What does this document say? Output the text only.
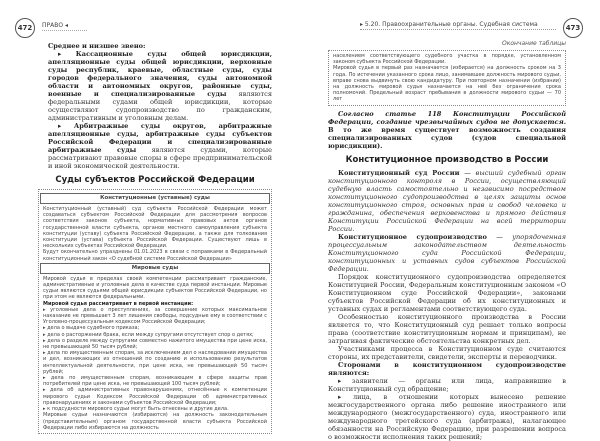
472	ПРАВО ◂
Среднее и низшее звено:

▸ Кассационные суды общей юрисдикции, апелляционные суды общей юрисдикции, верховные суды республик, краевые, областные суды, суды городов федерального значения, суды автономной области и автономных округов, районные суды, военные и специализированные суды являются федеральными судами общей юрисдикции, которые осуществляют судопроизводство по гражданским, административным и уголовным делам.

▸ Арбитражные суды округов, арбитражные апелляционные суды, арбитражные суды субъектов Российской Федерации и специализированные арбитражные суды являются судами, которые рассматривают правовые споры в сфере предпринимательской и иной экономической деятельности.

Суды субъектов Российской Федерации
Конституционные (уставные) суды
Конституционный (уставный) суд субъекта Российской Федерации может создаваться субъектом Российской Федерации для рассмотрения вопросов соответствия законов субъекта, нормативных правовых актов органов государственной власти субъекта, органов местного самоуправления субъекта конституции (уставу) субъекта Российской Федерации, а также для толкования конституции (устава) субъекта Российской Федерации. Существуют лишь в нескольких субъектах Российской Федерации.
Будут окончательно упразднены 01.01.2023 в связи с поправками в Федеральный конституционный закон «О судебной системе Российской Федерации»
Мировые суды
Мировой судья в пределах своей компетенции рассматривает гражданские, административные и уголовные дела в качестве суда первой инстанции. Мировые судьи являются судьями общей юрисдикции субъектов Российской Федерации, но при этом не являются федеральными.
Мировой судья рассматривает в первой инстанции:
▸ уголовные дела о преступлениях, за совершение которых максимальное наказание не превышает 3 лет лишения свободы, подсудные ему в соответствии с Уголовно-процессуальным кодексом Российской Федерации;
▸ дела о выдаче судебного приказа;
▸ дела о расторжении брака, если между супругами отсутствует спор о детях;
▸ дела о разделе между супругами совместно нажитого имущества при цене иска, не превышающей 50 тысяч рублей;
▸ дела по имущественным спорам, за исключением дел о наследовании имущества и дел, возникающих из отношений по созданию и использованию результатов интеллектуальной деятельности, при цене иска, не превышающей 50 тысяч рублей;
▸ дела по имущественным спорам, возникающим в сфере защиты прав потребителей при цене иска, не превышающей 100 тысяч рублей;
▸ дела об административных правонарушениях, отнесённые к компетенции мирового судьи Кодексом Российской Федерации об административных правонарушениях и законами субъектов Российской Федерации;
▸ к подсудности мирового судьи могут быть отнесены и другие дела.
Мировые судьи назначаются (избираются) на должность законодательным (представительным) органом государственной власти субъекта Российской Федерации либо избираются на должность
473
▸ 5.20. Правоохранительные органы. Судебная система
Окончание таблицы
населением соответствующего судебного участка в порядке, установленном законом субъекта Российской Федерации.
Мировой судья в первый раз назначается (избирается) на должность сроком на 3 года. По истечении указанного срока лицо, занимавшее должность мирового судьи, вправе снова выдвинуть свою кандидатуру. При повторном назначении (избрании) на должность мировой судья назначается на неё без ограничения срока полномочий. Предельный возраст пребывания в должности мирового судьи — 70 лет

Согласно статье 118 Конституции Российской Федерации, создание чрезвычайных судов не допускается. В то же время существует возможность создания специализированных судов (судов специальной юрисдикции).

Конституционное производство в России

Конституционный суд России — высший судебный орган конституционного контроля в России, осуществляющий судебную власть самостоятельно и независимо посредством конституционного судопроизводства в целях защиты основ конституционного строя, основных прав и свобод человека и гражданина, обеспечения верховенства и прямого действия Конституции Российской Федерации на всей территории России.

Конституционное судопроизводство — упорядоченная процессуальным законодательством деятельность Конституционного суда Российской Федерации, конституционных и уставных судов субъектов Российской Федерации.

Порядок конституционного судопроизводства определяется Конституцией России, Федеральным конституционным законом «О Конституционном суде Российской Федерации», законами субъектов Российской Федерации об их конституционных и уставных судах и регламентами соответствующего суда.

Особенностью конституционного производства в России является то, что Конституционный суд решает только вопросы права (соответствие конституционным нормам и принципам), не затрагивая фактические обстоятельства конкретных дел.

Участниками процесса в Конституционном суде считаются стороны, их представители, свидетели, эксперты и переводчики.

Сторонами в конституционном судопроизводстве являются:

▸ заявители — органы или лица, направившие в Конституционный суд обращение;

▸ лица, в отношении которых вынесено решение межгосударственного органа либо решение иностранного или международного (межгосударственного) суда, иностранного или международного третейского суда (арбитража), налагающее обязанности на Российскую Федерацию, при разрешении вопроса о возможности исполнения таких решений;
